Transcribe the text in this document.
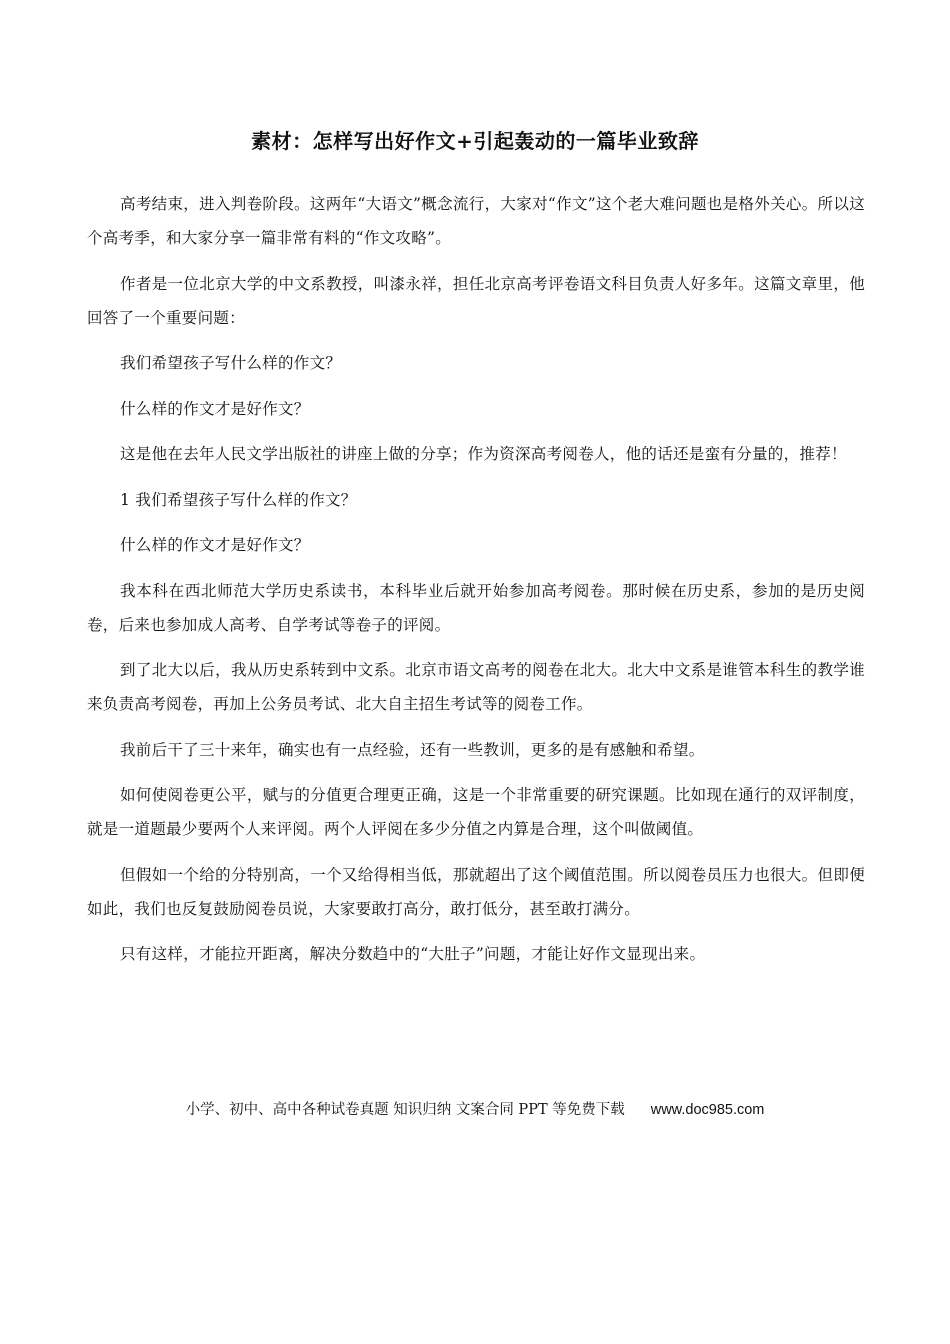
素材：怎样写出好作文+引起轰动的一篇毕业致辞

高考结束，进入判卷阶段。这两年“大语文”概念流行，大家对“作文”这个老大难问题也是格外关心。所以这个高考季，和大家分享一篇非常有料的“作文攻略”。

作者是一位北京大学的中文系教授，叫漆永祥，担任北京高考评卷语文科目负责人好多年。这篇文章里，他回答了一个重要问题：

我们希望孩子写什么样的作文？

什么样的作文才是好作文？

这是他在去年人民文学出版社的讲座上做的分享；作为资深高考阅卷人，他的话还是蛮有分量的，推荐！

1 我们希望孩子写什么样的作文？

什么样的作文才是好作文？

我本科在西北师范大学历史系读书，本科毕业后就开始参加高考阅卷。那时候在历史系，参加的是历史阅卷，后来也参加成人高考、自学考试等卷子的评阅。

到了北大以后，我从历史系转到中文系。北京市语文高考的阅卷在北大。北大中文系是谁管本科生的教学谁来负责高考阅卷，再加上公务员考试、北大自主招生考试等的阅卷工作。

我前后干了三十来年，确实也有一点经验，还有一些教训，更多的是有感触和希望。

如何使阅卷更公平，赋与的分值更合理更正确，这是一个非常重要的研究课题。比如现在通行的双评制度，就是一道题最少要两个人来评阅。两个人评阅在多少分值之内算是合理，这个叫做阈值。

但假如一个给的分特别高，一个又给得相当低，那就超出了这个阈值范围。所以阅卷员压力也很大。但即便如此，我们也反复鼓励阅卷员说，大家要敢打高分，敢打低分，甚至敢打满分。

只有这样，才能拉开距离，解决分数趋中的“大肚子”问题，才能让好作文显现出来。

小学、初中、高中各种试卷真题 知识归纳 文案合同 PPT 等免费下载 www.doc985.com
